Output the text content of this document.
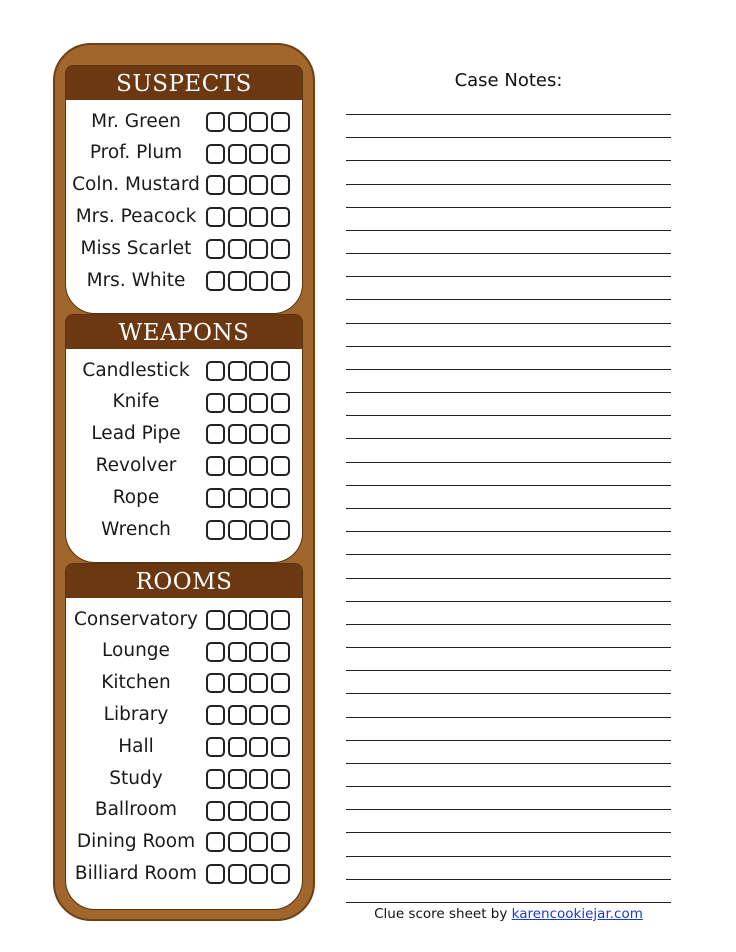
SUSPECTS
Mr. Green
Prof. Plum
Coln. Mustard
Mrs. Peacock
Miss Scarlet
Mrs. White
WEAPONS
Candlestick
Knife
Lead Pipe
Revolver
Rope
Wrench
ROOMS
Conservatory
Lounge
Kitchen
Library
Hall
Study
Ballroom
Dining Room
Billiard Room
Case Notes:
Clue score sheet by karencookiejar.com
